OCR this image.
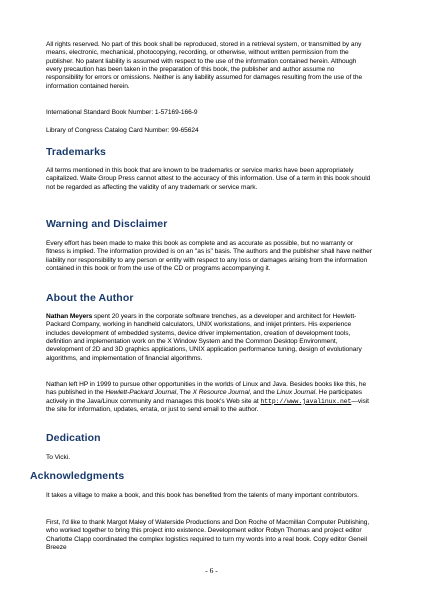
All rights reserved. No part of this book shall be reproduced, stored in a retrieval system, or transmitted by any means, electronic, mechanical, photocopying, recording, or otherwise, without written permission from the publisher. No patent liability is assumed with respect to the use of the information contained herein. Although every precaution has been taken in the preparation of this book, the publisher and author assume no responsibility for errors or omissions. Neither is any liability assumed for damages resulting from the use of the information contained herein.

International Standard Book Number: 1-57169-166-9

Library of Congress Catalog Card Number: 99-65624

Trademarks

All terms mentioned in this book that are known to be trademarks or service marks have been appropriately capitalized. Waite Group Press cannot attest to the accuracy of this information. Use of a term in this book should not be regarded as affecting the validity of any trademark or service mark.

Warning and Disclaimer

Every effort has been made to make this book as complete and as accurate as possible, but no warranty or fitness is implied. The information provided is on an "as is" basis. The authors and the publisher shall have neither liability nor responsibility to any person or entity with respect to any loss or damages arising from the information contained in this book or from the use of the CD or programs accompanying it.

About the Author

Nathan Meyers spent 20 years in the corporate software trenches, as a developer and architect for Hewlett-Packard Company, working in handheld calculators, UNIX workstations, and inkjet printers. His experience includes development of embedded systems, device driver implementation, creation of development tools, definition and implementation work on the X Window System and the Common Desktop Environment, development of 2D and 3D graphics applications, UNIX application performance tuning, design of evolutionary algorithms, and implementation of financial algorithms.

Nathan left HP in 1999 to pursue other opportunities in the worlds of Linux and Java. Besides books like this, he has published in the Hewlett-Packard Journal, The X Resource Journal, and the Linux Journal. He participates actively in the Java/Linux community and manages this book's Web site at http://www.javalinux.net—visit the site for information, updates, errata, or just to send email to the author.

Dedication

To Vicki.

Acknowledgments

It takes a village to make a book, and this book has benefited from the talents of many important contributors.

First, I'd like to thank Margot Maley of Waterside Productions and Don Roche of Macmillan Computer Publishing, who worked together to bring this project into existence. Development editor Robyn Thomas and project editor Charlotte Clapp coordinated the complex logistics required to turn my words into a real book. Copy editor Geneil Breeze

- 6 -
